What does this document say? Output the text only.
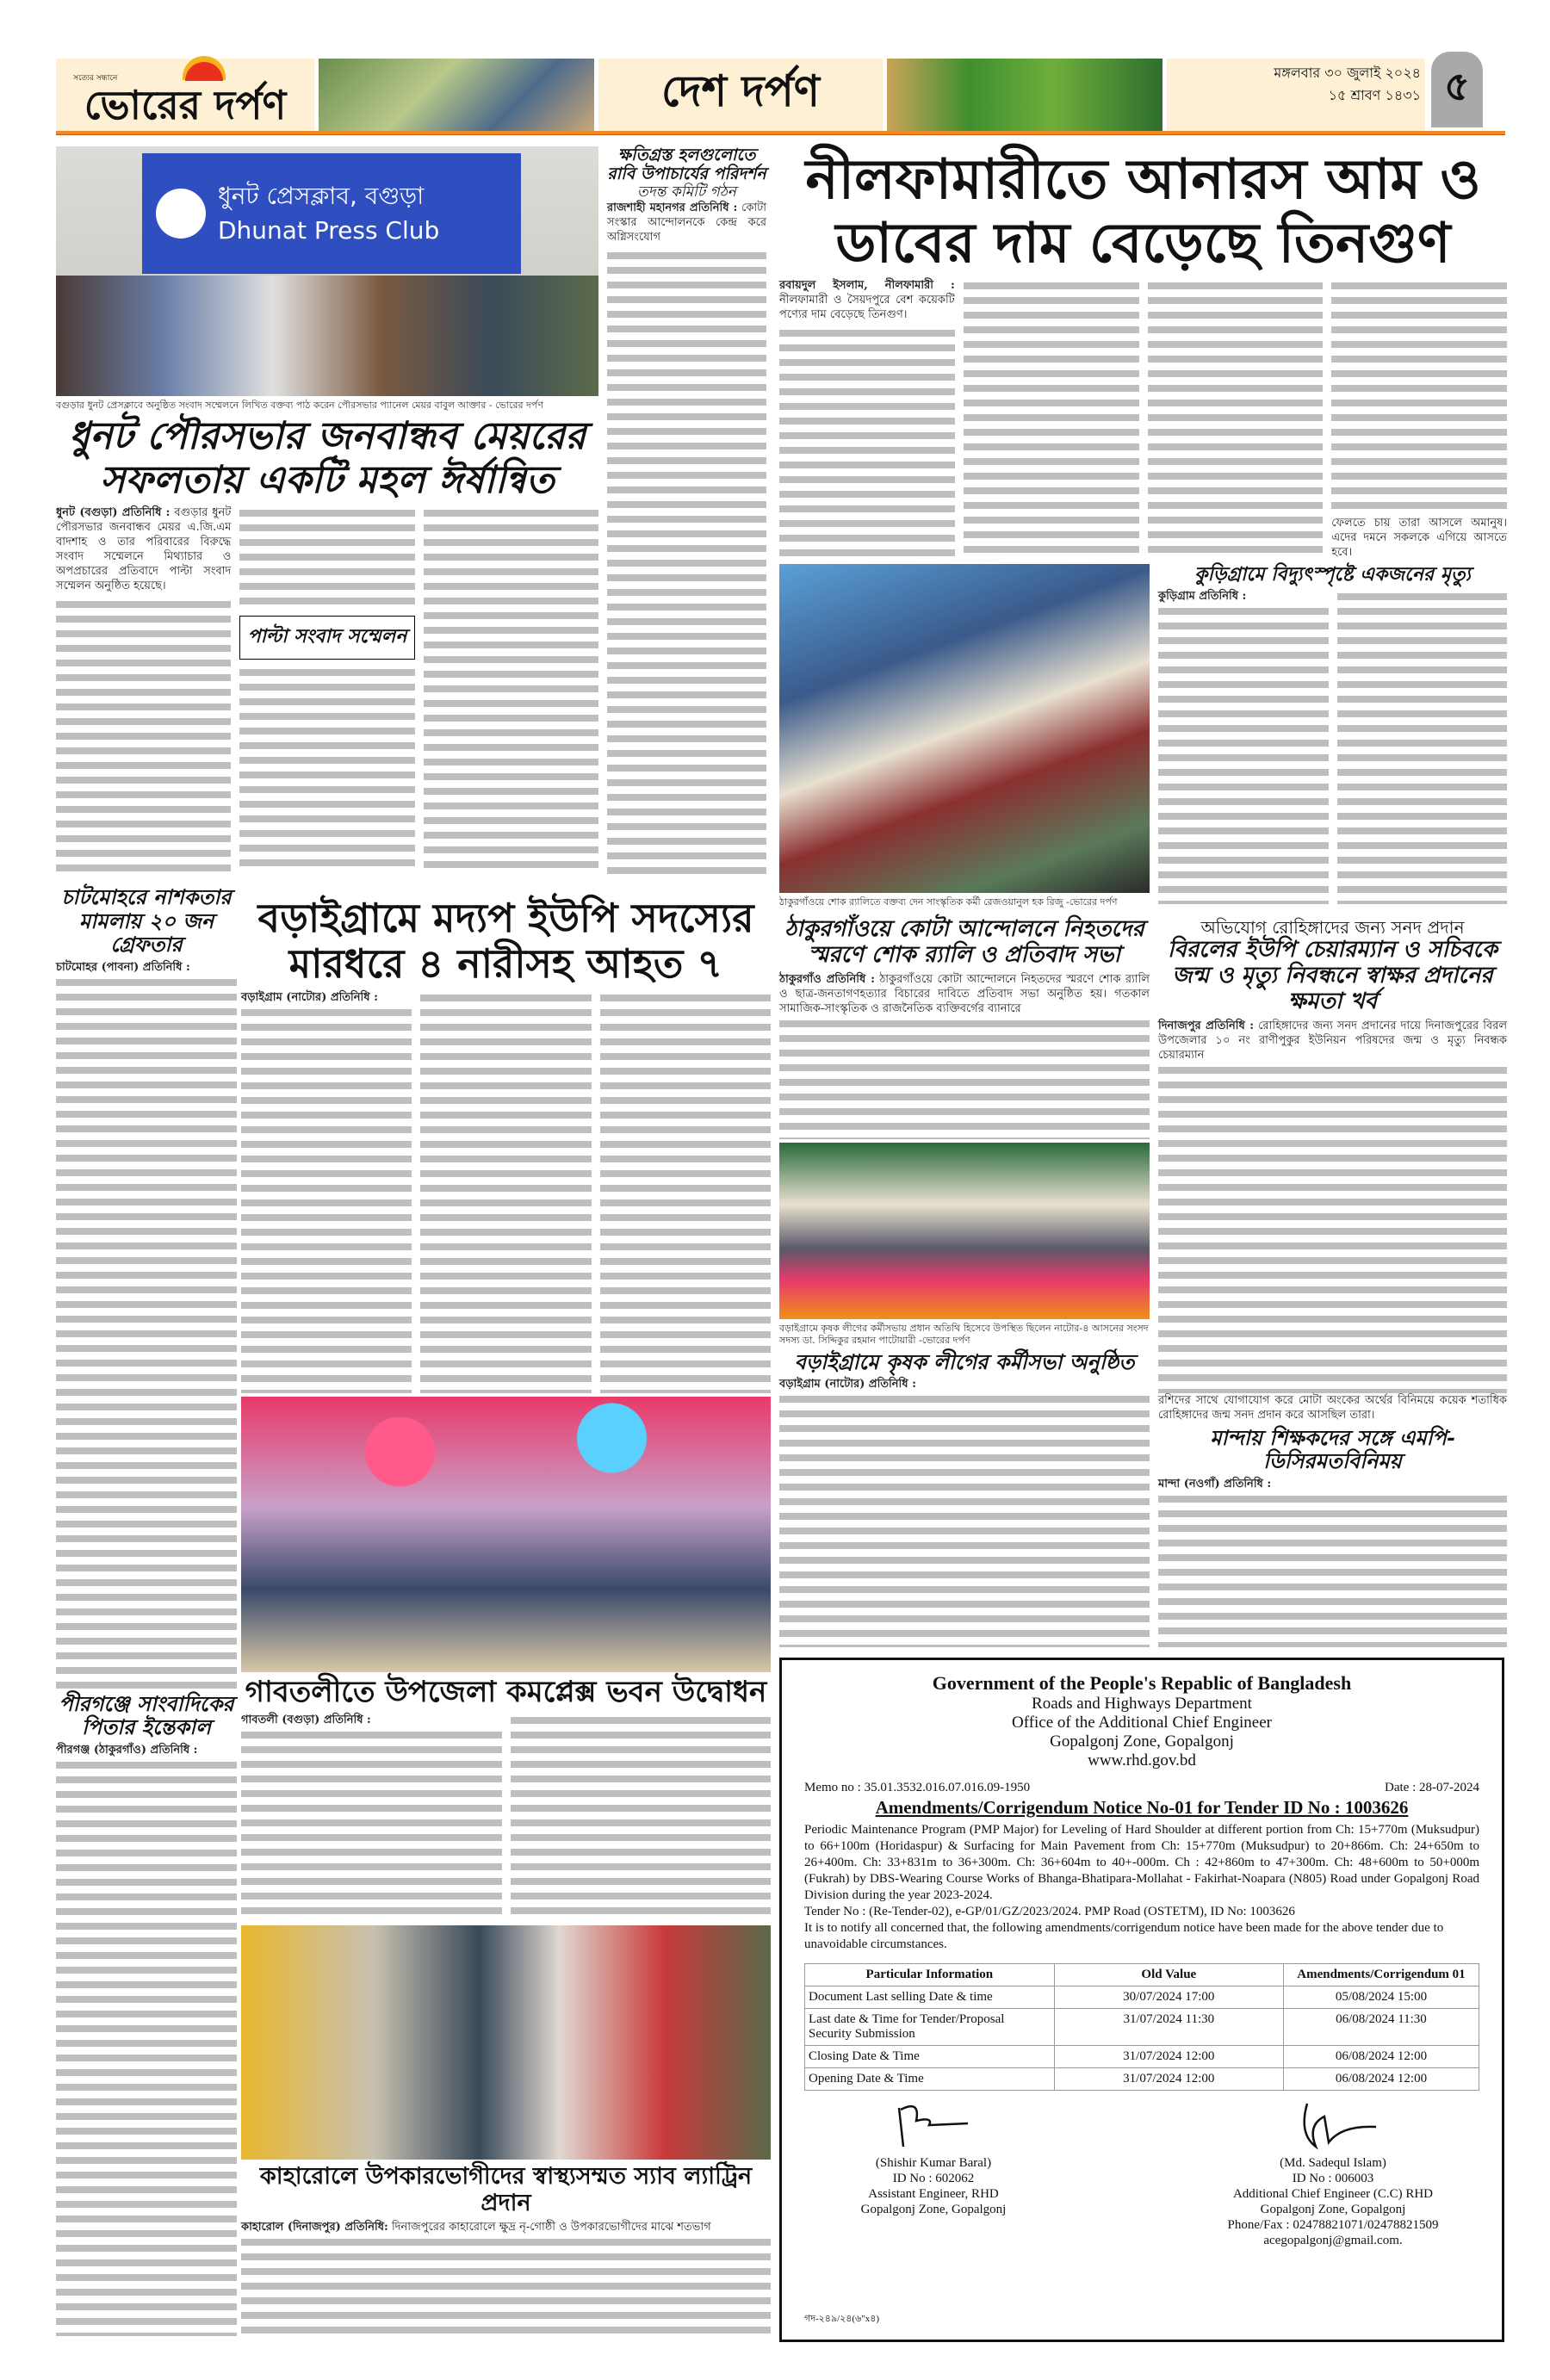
সত্যের সন্ধানে
ভোরের দর্পণ	দেশ দর্পণ	মঙ্গলবার ৩০ জুলাই ২০২৪
১৫ শ্রাবণ ১৪৩১ ৫
ধুনট প্রেসক্লাব, বগুড়া
Dhunat Press Club
বগুড়ার ধুনট প্রেসক্লাবে অনুষ্ঠিত সংবাদ সম্মেলনে লিখিত বক্তব্য পাঠ করেন পৌরসভার প্যানেল মেয়র বাবুল আক্তার - ভোরের দর্পণ
ধুনট পৌরসভার জনবান্ধব মেয়রের সফলতায় একটি মহল ঈর্ষান্বিত
ধুনট (বগুড়া) প্রতিনিধি : বগুড়ার ধুনট পৌরসভার জনবান্ধব মেয়র এ.জি.এম বাদশাহ ও তার পরিবারের বিরুদ্ধে সংবাদ সম্মেলনে মিথ্যাচার ও অপপ্রচারের প্রতিবাদে পাল্টা সংবাদ সম্মেলন অনুষ্ঠিত হয়েছে।
পাল্টা সংবাদ সম্মেলন
ক্ষতিগ্রস্ত হলগুলোতে রাবি উপাচার্যের পরিদর্শন
তদন্ত কমিটি গঠন
রাজশাহী মহানগর প্রতিনিধি : কোটা সংস্কার আন্দোলনকে কেন্দ্র করে অগ্নিসংযোগ
নীলফামারীতে আনারস আম ও
ডাবের দাম বেড়েছে তিনগুণ
রবায়দুল ইসলাম, নীলফামারী : নীলফামারী ও সৈয়দপুরে বেশ কয়েকটি পণ্যের দাম বেড়েছে তিনগুণ।
ফেলতে চায় তারা আসলে অমানুষ। এদের দমনে সকলকে এগিয়ে আসতে হবে।
ঠাকুরগাঁওয়ে শোক র‍্যালিতে বক্তব্য দেন সাংস্কৃতিক কর্মী রেজওয়ানুল হক রিজু -ভোরের দর্পণ
কুড়িগ্রামে বিদ্যুৎস্পৃষ্টে একজনের মৃত্যু
কুড়িগ্রাম প্রতিনিধি :
চাটমোহরে নাশকতার মামলায় ২০ জন গ্রেফতার
চাটমোহর (পাবনা) প্রতিনিধি :
পীরগঞ্জে সাংবাদিকের পিতার ইন্তেকাল
পীরগঞ্জ (ঠাকুরগাঁও) প্রতিনিধি :
বড়াইগ্রামে মদ্যপ ইউপি সদস্যের মারধরে ৪ নারীসহ আহত ৭
বড়াইগ্রাম (নাটোর) প্রতিনিধি :
গাবতলীতে উপজেলা কমপ্লেক্স ভবন উদ্বোধন
গাবতলী (বগুড়া) প্রতিনিধি :
কাহারোলে উপকারভোগীদের স্বাস্থ্যসম্মত স্যাব ল্যাট্রিন প্রদান
কাহারোল (দিনাজপুর) প্রতিনিধি: দিনাজপুরের কাহারোলে ক্ষুদ্র নৃ-গোষ্ঠী ও উপকারভোগীদের মাঝে শতভাগ
ঠাকুরগাঁওয়ে কোটা আন্দোলনে নিহতদের স্মরণে শোক র‍্যালি ও প্রতিবাদ সভা
ঠাকুরগাঁও প্রতিনিধি : ঠাকুরগাঁওয়ে কোটা আন্দোলনে নিহতদের স্মরণে শোক র‍্যালি ও ছাত্র-জনতাগণহত্যার বিচারের দাবিতে প্রতিবাদ সভা অনুষ্ঠিত হয়। গতকাল সামাজিক-সাংস্কৃতিক ও রাজনৈতিক ব্যক্তিবর্গের ব্যানারে
বড়াইগ্রামে কৃষক লীগের কর্মীসভায় প্রধান অতিথি হিসেবে উপস্থিত ছিলেন নাটোর-৪ আসনের সংসদ সদস্য ডা. সিদ্দিকুর রহমান পাটোয়ারী -ভোরের দর্পণ
বড়াইগ্রামে কৃষক লীগের কর্মীসভা অনুষ্ঠিত
বড়াইগ্রাম (নাটোর) প্রতিনিধি :
অভিযোগ রোহিঙ্গাদের জন্য সনদ প্রদান
বিরলের ইউপি চেয়ারম্যান ও সচিবকে জন্ম ও মৃত্যু নিবন্ধনে স্বাক্ষর প্রদানের ক্ষমতা খর্ব
দিনাজপুর প্রতিনিধি : রোহিঙ্গাদের জন্য সনদ প্রদানের দায়ে দিনাজপুরের বিরল উপজেলার ১০ নং রাণীপুকুর ইউনিয়ন পরিষদের জন্ম ও মৃত্যু নিবন্ধক চেয়ারম্যান
রশিদের সাথে যোগাযোগ করে মোটা অংকের অর্থের বিনিময়ে কয়েক শতাধিক রোহিঙ্গাদের জন্ম সনদ প্রদান করে আসছিল তারা।
মান্দায় শিক্ষকদের সঙ্গে এমপি-ডিসিরমতবিনিময়
মান্দা (নওগাঁ) প্রতিনিধি :
Government of the People's Repablic of Bangladesh
Roads and Highways Department
Office of the Additional Chief Engineer
Gopalgonj Zone, Gopalgonj
www.rhd.gov.bd
Memo no : 35.01.3532.016.07.016.09-1950	Date : 28-07-2024
Amendments/Corrigendum Notice No-01 for Tender ID No : 1003626
Periodic Maintenance Program (PMP Major) for Leveling of Hard Shoulder at different portion from Ch: 15+770m (Muksudpur) to 66+100m (Horidaspur) & Surfacing for Main Pavement from Ch: 15+770m (Muksudpur) to 20+866m. Ch: 24+650m to 26+400m. Ch: 33+831m to 36+300m. Ch: 36+604m to 40+-000m. Ch : 42+860m to 47+300m. Ch: 48+600m to 50+000m (Fukrah) by DBS-Wearing Course Works of Bhanga-Bhatipara-Mollahat - Fakirhat-Noapara (N805) Road under Gopalgonj Road Division during the year 2023-2024.
Tender No : (Re-Tender-02), e-GP/01/GZ/2023/2024. PMP Road (OSTETM), ID No: 1003626
It is to notify all concerned that, the following amendments/corrigendum notice have been made for the above tender due to unavoidable circumstances.
Particular Information	Old Value	Amendments/Corrigendum 01
Document Last selling Date & time	30/07/2024 17:00	05/08/2024 15:00
Last date & Time for Tender/Proposal Security Submission	31/07/2024 11:30	06/08/2024 11:30
Closing Date & Time	31/07/2024 12:00	06/08/2024 12:00
Opening Date & Time	31/07/2024 12:00	06/08/2024 12:00
(Shishir Kumar Baral)
ID No : 602062
Assistant Engineer, RHD
Gopalgonj Zone, Gopalgonj
(Md. Sadequl Islam)
ID No : 006003
Additional Chief Engineer (C.C) RHD
Gopalgonj Zone, Gopalgonj
Phone/Fax : 02478821071/02478821509
acegopalgonj@gmail.com.
গদ-২৪৯/২৪(৬"x৪)
